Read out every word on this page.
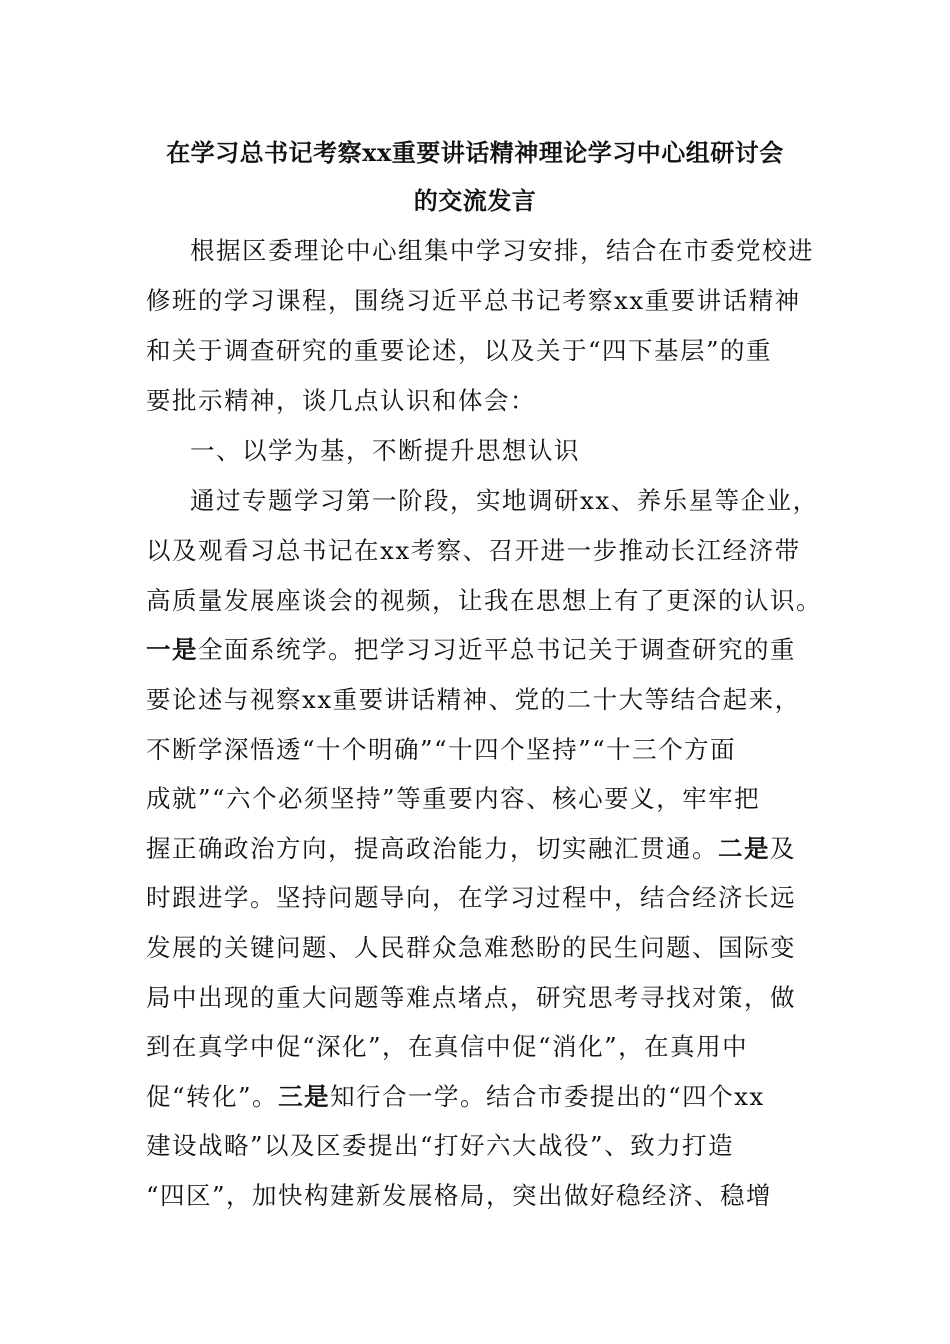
在学习总书记考察xx重要讲话精神理论学习中心组研讨会
的交流发言
根据区委理论中心组集中学习安排，结合在市委党校进
修班的学习课程，围绕习近平总书记考察xx重要讲话精神
和关于调查研究的重要论述，以及关于“四下基层”的重
要批示精神，谈几点认识和体会：
一、以学为基，不断提升思想认识
通过专题学习第一阶段，实地调研xx、养乐星等企业，
以及观看习总书记在xx考察、召开进一步推动长江经济带
高质量发展座谈会的视频，让我在思想上有了更深的认识。
一是全面系统学。把学习习近平总书记关于调查研究的重
要论述与视察xx重要讲话精神、党的二十大等结合起来，
不断学深悟透“十个明确”“十四个坚持”“十三个方面
成就”“六个必须坚持”等重要内容、核心要义，牢牢把
握正确政治方向，提高政治能力，切实融汇贯通。二是及
时跟进学。坚持问题导向，在学习过程中，结合经济长远
发展的关键问题、人民群众急难愁盼的民生问题、国际变
局中出现的重大问题等难点堵点，研究思考寻找对策，做
到在真学中促“深化”，在真信中促“消化”，在真用中
促“转化”。三是知行合一学。结合市委提出的“四个xx
建设战略”以及区委提出“打好六大战役”、致力打造
“四区”，加快构建新发展格局，突出做好稳经济、稳增
